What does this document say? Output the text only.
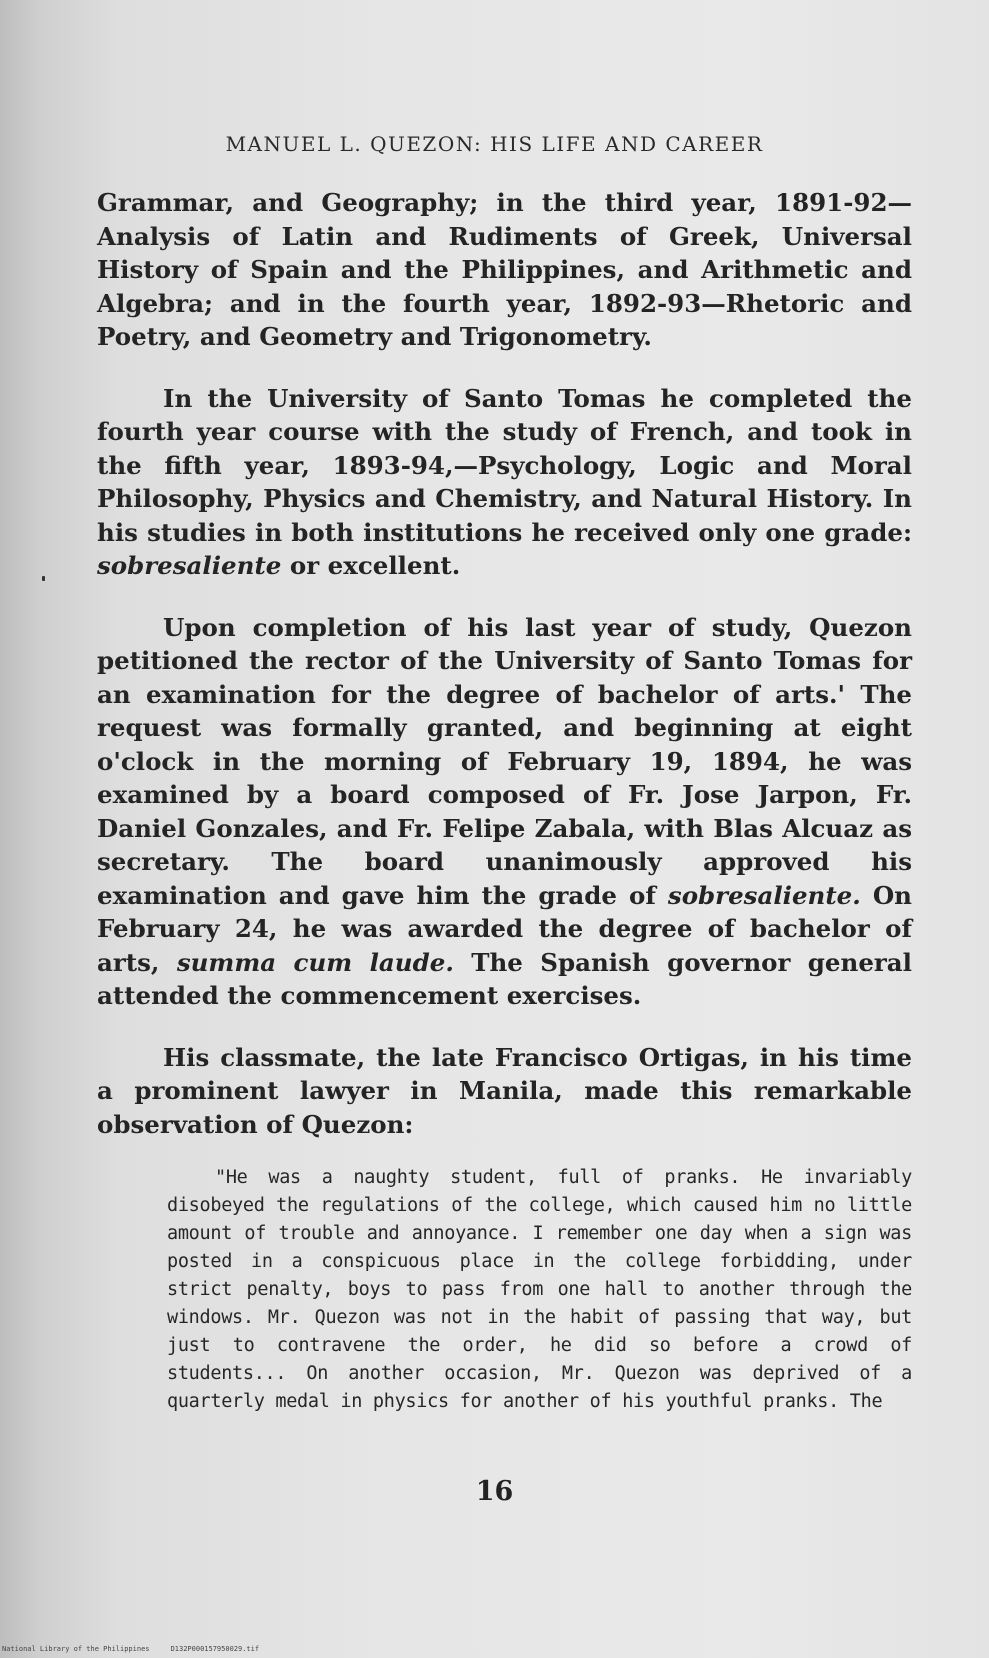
MANUEL L. QUEZON: HIS LIFE AND CAREER

Grammar, and Geography; in the third year, 1891-92—Analysis of Latin and Rudiments of Greek, Universal History of Spain and the Philippines, and Arithmetic and Algebra; and in the fourth year, 1892-93—Rhetoric and Poetry, and Geometry and Trigonometry.

In the University of Santo Tomas he completed the fourth year course with the study of French, and took in the fifth year, 1893-94,—Psychology, Logic and Moral Philosophy, Physics and Chemistry, and Natural History. In his studies in both institutions he received only one grade: sobresaliente or excellent.

Upon completion of his last year of study, Quezon petitioned the rector of the University of Santo Tomas for an examination for the degree of bachelor of arts.' The request was formally granted, and beginning at eight o'clock in the morning of February 19, 1894, he was examined by a board composed of Fr. Jose Jarpon, Fr. Daniel Gonzales, and Fr. Felipe Zabala, with Blas Alcuaz as secretary. The board unanimously approved his examination and gave him the grade of sobresaliente. On February 24, he was awarded the degree of bachelor of arts, summa cum laude. The Spanish governor general attended the commencement exercises.

His classmate, the late Francisco Ortigas, in his time a prominent lawyer in Manila, made this remarkable observation of Quezon:

"He was a naughty student, full of pranks. He invariably disobeyed the regulations of the college, which caused him no little amount of trouble and annoyance. I remember one day when a sign was posted in a conspicuous place in the college forbidding, under strict penalty, boys to pass from one hall to another through the windows. Mr. Quezon was not in the habit of passing that way, but just to contravene the order, he did so before a crowd of students... On another occasion, Mr. Quezon was deprived of a quarterly medal in physics for another of his youthful pranks. The

16
National Library of the Philippines     D132P000157950029.tif
